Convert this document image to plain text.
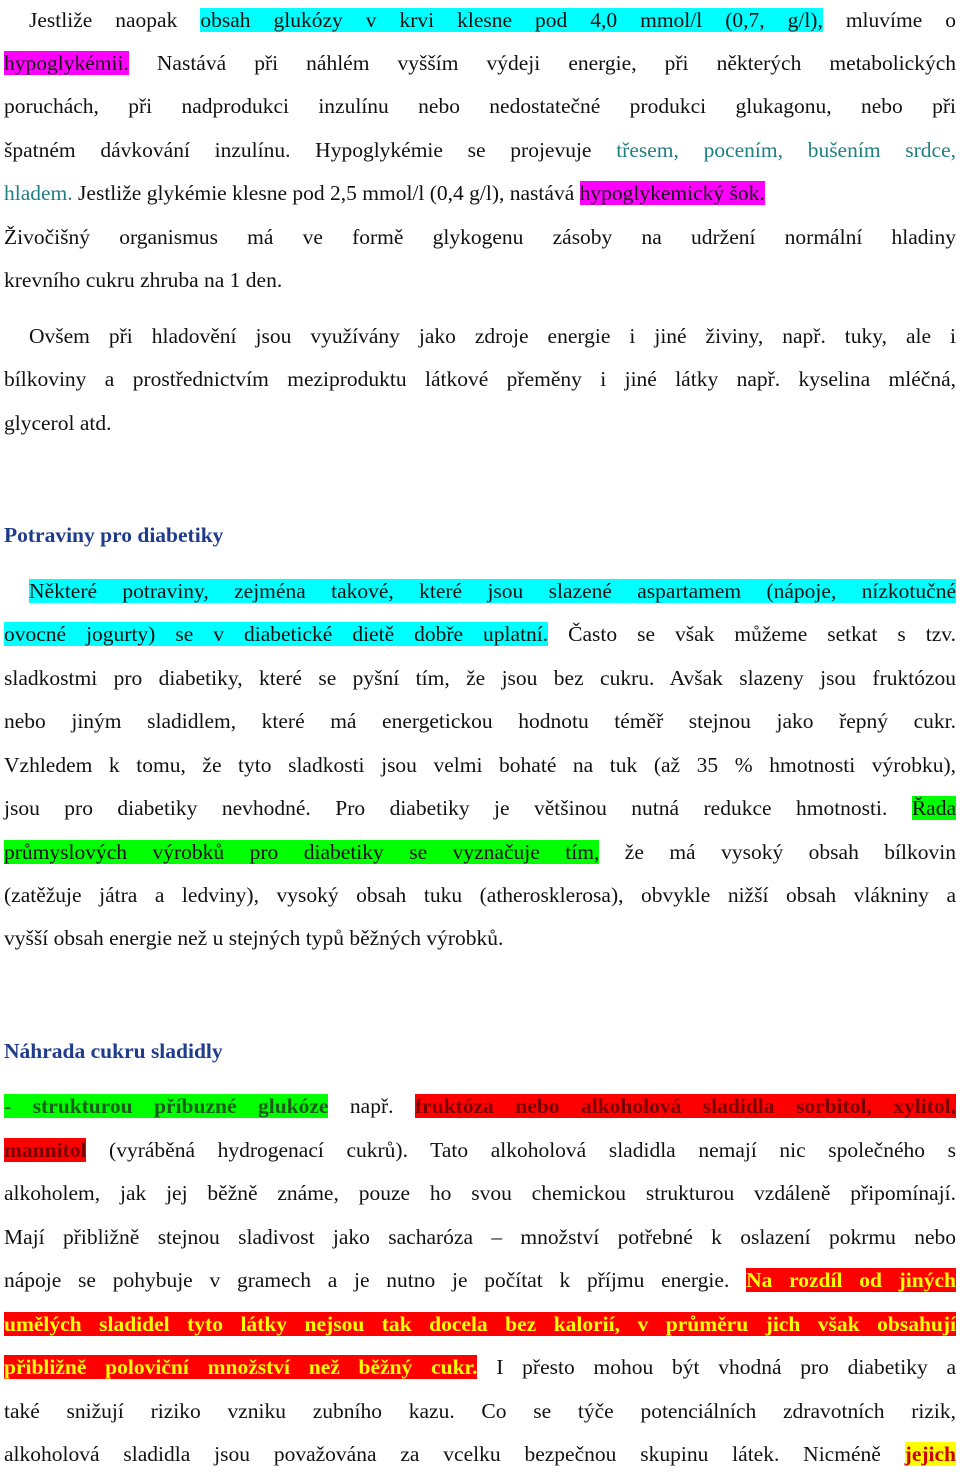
Jestliže naopak obsah glukózy v krvi klesne pod 4,0 mmol/l (0,7, g/l), mluvíme o
hypoglykémii. Nastává při náhlém vyšším výdeji energie, při některých metabolických
poruchách, při nadprodukci inzulínu nebo nedostatečné produkci glukagonu, nebo při
špatném dávkování inzulínu. Hypoglykémie se projevuje třesem, pocením, bušením srdce,
hladem. Jestliže glykémie klesne pod 2,5 mmol/l (0,4 g/l), nastává hypoglykemický šok.
Živočišný organismus má ve formě glykogenu zásoby na udržení normální hladiny
krevního cukru zhruba na 1 den.
Ovšem při hladovění jsou využívány jako zdroje energie i jiné živiny, např. tuky, ale i
bílkoviny a prostřednictvím meziproduktu látkové přeměny i jiné látky např. kyselina mléčná,
glycerol atd.
Potraviny pro diabetiky
Některé potraviny, zejména takové, které jsou slazené aspartamem (nápoje, nízkotučné
ovocné jogurty) se v diabetické dietě dobře uplatní. Často se však můžeme setkat s tzv.
sladkostmi pro diabetiky, které se pyšní tím, že jsou bez cukru. Avšak slazeny jsou fruktózou
nebo jiným sladidlem, které má energetickou hodnotu téměř stejnou jako řepný cukr.
Vzhledem k tomu, že tyto sladkosti jsou velmi bohaté na tuk (až 35 % hmotnosti výrobku),
jsou pro diabetiky nevhodné. Pro diabetiky je většinou nutná redukce hmotnosti. Řada
průmyslových výrobků pro diabetiky se vyznačuje tím, že má vysoký obsah bílkovin
(zatěžuje játra a ledviny), vysoký obsah tuku (atherosklerosa), obvykle nižší obsah vlákniny a
vyšší obsah energie než u stejných typů běžných výrobků.
Náhrada cukru sladidly
- strukturou příbuzné glukóze např. fruktóza nebo alkoholová sladidla sorbitol, xylitol,
mannitol (vyráběná hydrogenací cukrů). Tato alkoholová sladidla nemají nic společného s
alkoholem, jak jej běžně známe, pouze ho svou chemickou strukturou vzdáleně připomínají.
Mají přibližně stejnou sladivost jako sacharóza – množství potřebné k oslazení pokrmu nebo
nápoje se pohybuje v gramech a je nutno je počítat k příjmu energie. Na rozdíl od jiných
umělých sladidel tyto látky nejsou tak docela bez kalorií, v průměru jich však obsahují
přibližně poloviční množství než běžný cukr. I přesto mohou být vhodná pro diabetiky a
také snižují riziko vzniku zubního kazu. Co se týče potenciálních zdravotních rizik,
alkoholová sladidla jsou považována za vcelku bezpečnou skupinu látek. Nicméně jejich
